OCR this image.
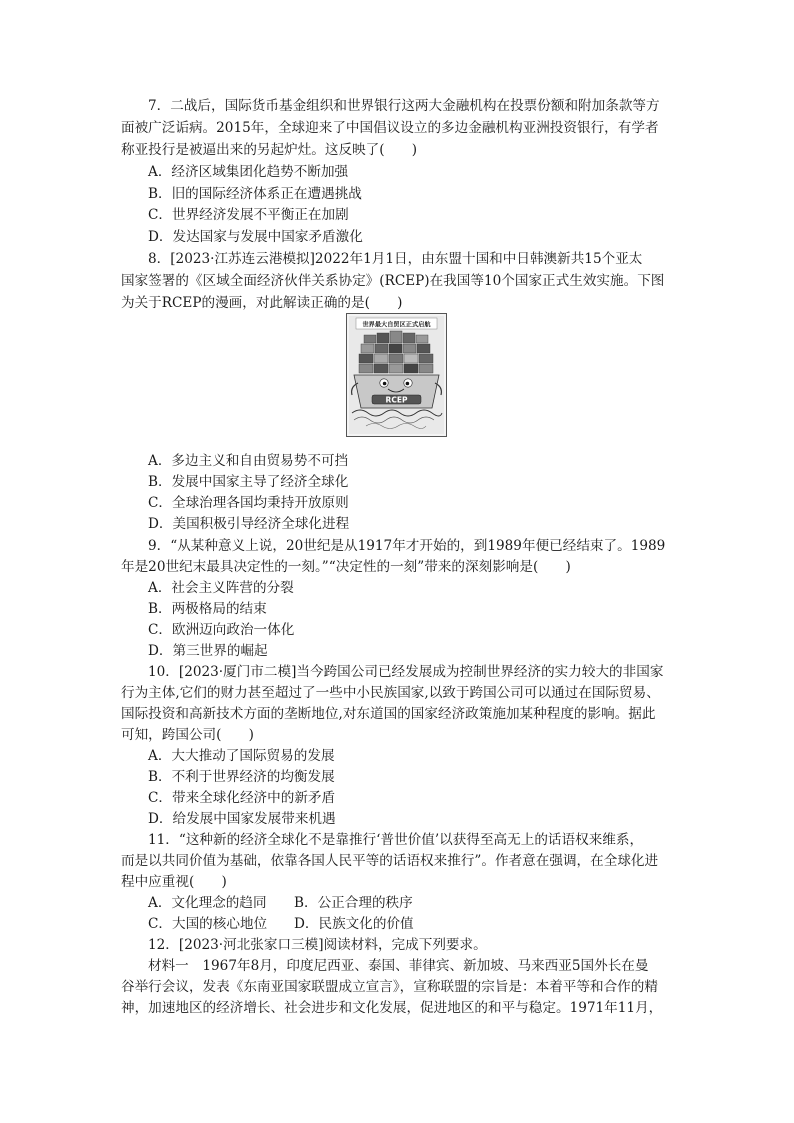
7．二战后，国际货币基金组织和世界银行这两大金融机构在投票份额和附加条款等方
面被广泛诟病。2015年，全球迎来了中国倡议设立的多边金融机构亚洲投资银行，有学者
称亚投行是被逼出来的另起炉灶。这反映了(　　)
A．经济区域集团化趋势不断加强
B．旧的国际经济体系正在遭遇挑战
C．世界经济发展不平衡正在加剧
D．发达国家与发展中国家矛盾激化
8．[2023·江苏连云港模拟]2022年1月1日，由东盟十国和中日韩澳新共15个亚太
国家签署的《区域全面经济伙伴关系协定》(RCEP)在我国等10个国家正式生效实施。下图
为关于RCEP的漫画，对此解读正确的是(　　)
世界最大自贸区正式启航
RCEP
A．多边主义和自由贸易势不可挡
B．发展中国家主导了经济全球化
C．全球治理各国均秉持开放原则
D．美国积极引导经济全球化进程
9．“从某种意义上说，20世纪是从1917年才开始的，到1989年便已经结束了。1989
年是20世纪末最具决定性的一刻。”“决定性的一刻”带来的深刻影响是(　　)
A．社会主义阵营的分裂
B．两极格局的结束
C．欧洲迈向政治一体化
D．第三世界的崛起
10．[2023·厦门市二模]当今跨国公司已经发展成为控制世界经济的实力较大的非国家
行为主体,它们的财力甚至超过了一些中小民族国家,以致于跨国公司可以通过在国际贸易、
国际投资和高新技术方面的垄断地位,对东道国的国家经济政策施加某种程度的影响。据此
可知，跨国公司(　　)
A．大大推动了国际贸易的发展
B．不利于世界经济的均衡发展
C．带来全球化经济中的新矛盾
D．给发展中国家发展带来机遇
11．“这种新的经济全球化不是靠推行‘普世价值’以获得至高无上的话语权来维系，
而是以共同价值为基础，依靠各国人民平等的话语权来推行”。作者意在强调，在全球化进
程中应重视(　　)
A．文化理念的趋同 B．公正合理的秩序
C．大国的核心地位 D．民族文化的价值
12．[2023·河北张家口三模]阅读材料，完成下列要求。
材料一　1967年8月，印度尼西亚、泰国、菲律宾、新加坡、马来西亚5国外长在曼
谷举行会议，发表《东南亚国家联盟成立宣言》，宣称联盟的宗旨是：本着平等和合作的精
神，加速地区的经济增长、社会进步和文化发展，促进地区的和平与稳定。1971年11月，
